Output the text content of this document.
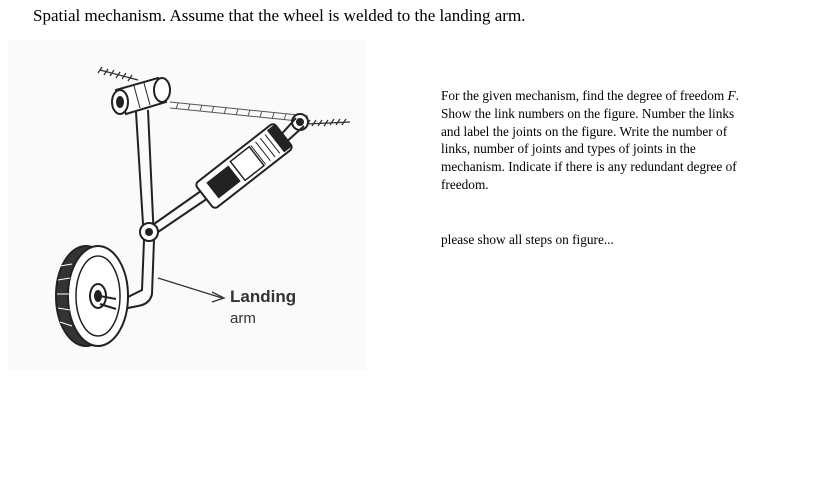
Spatial mechanism. Assume that the wheel is welded to the landing arm.
Landing
arm

For the given mechanism, find the degree of freedom F. Show the link numbers on the figure. Number the links and label the joints on the figure. Write the number of links, number of joints and types of joints in the mechanism. Indicate if there is any redundant degree of freedom.

please show all steps on figure...
